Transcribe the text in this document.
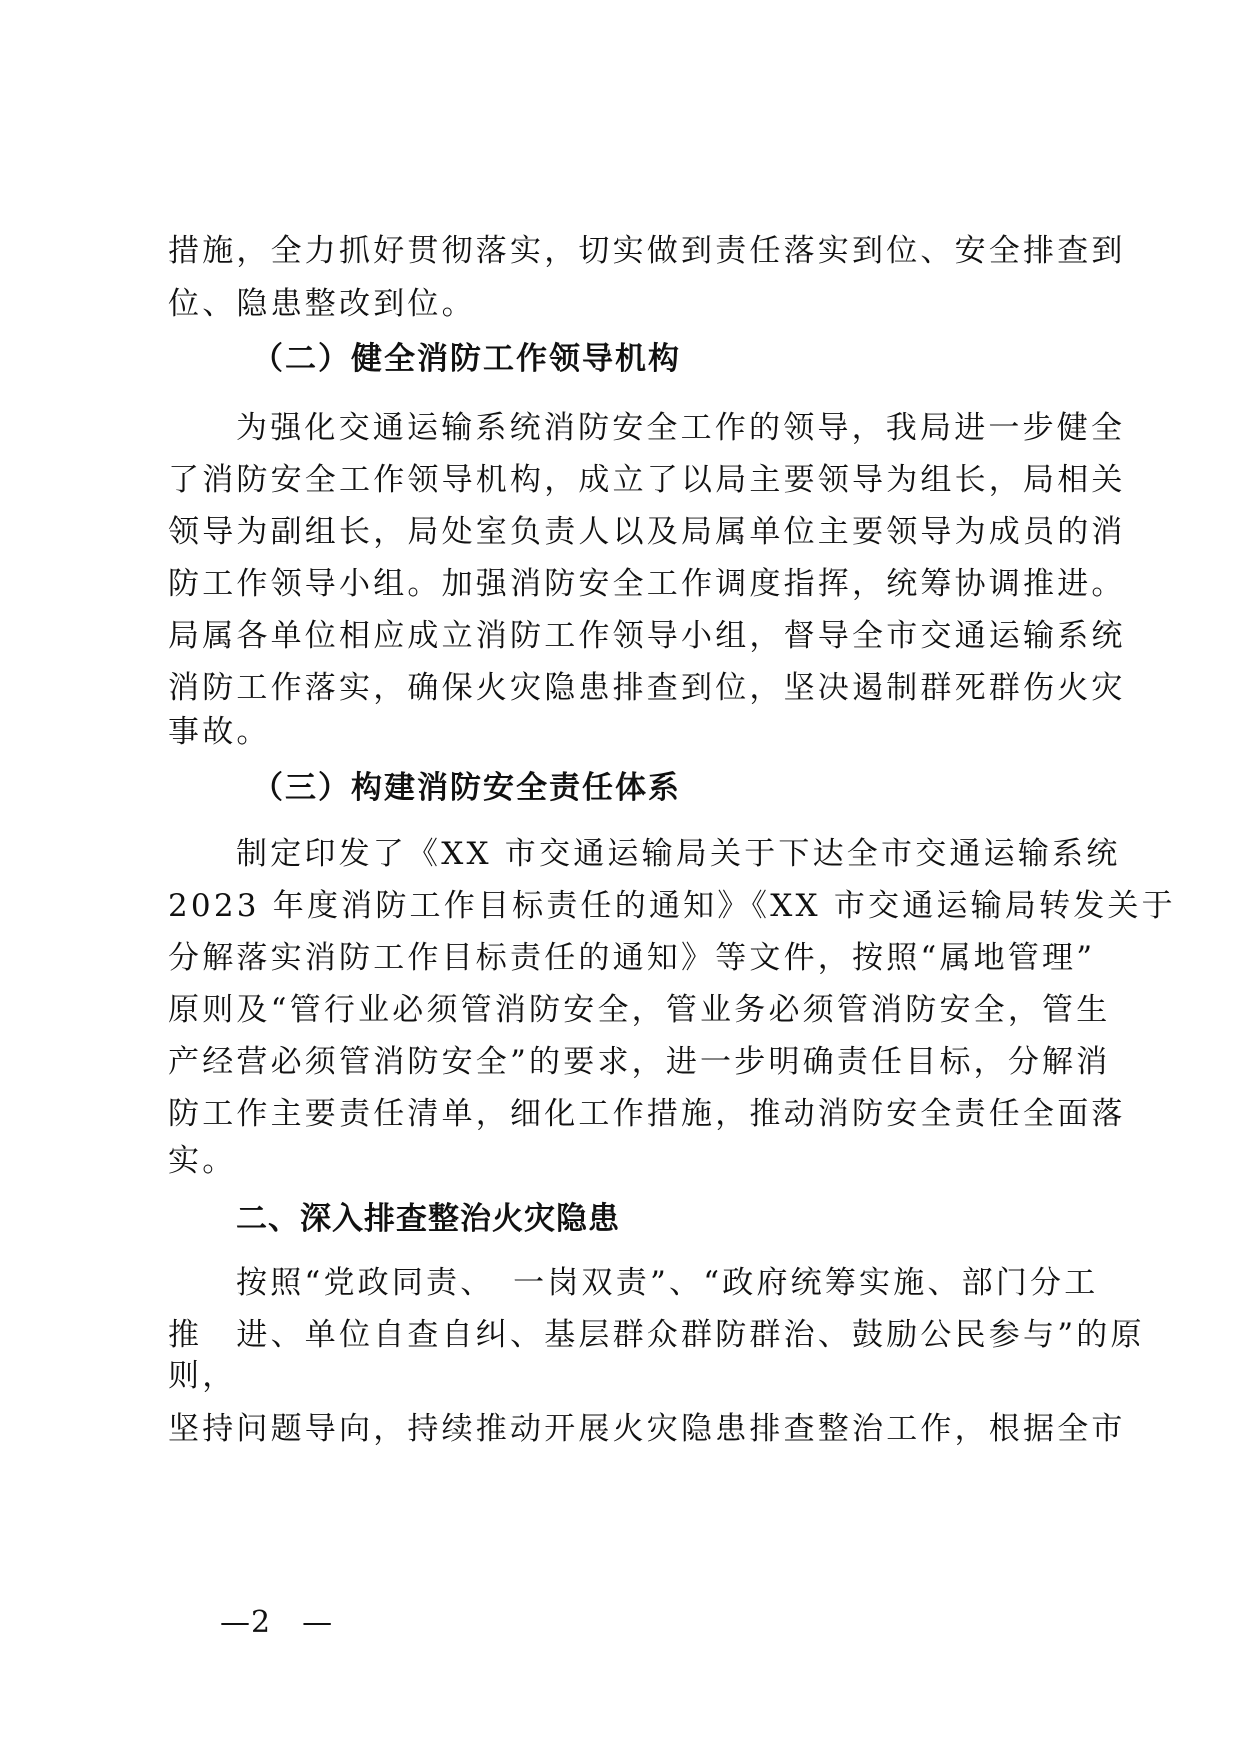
措施，全力抓好贯彻落实，切实做到责任落实到位、安全排查到

位、隐患整改到位。

（二）健全消防工作领导机构

为强化交通运输系统消防安全工作的领导，我局进一步健全

了消防安全工作领导机构，成立了以局主要领导为组长，局相关

领导为副组长，局处室负责人以及局属单位主要领导为成员的消

防工作领导小组。加强消防安全工作调度指挥，统筹协调推进。

局属各单位相应成立消防工作领导小组，督导全市交通运输系统

消防工作落实，确保火灾隐患排查到位，坚决遏制群死群伤火灾

事故。

（三）构建消防安全责任体系

制定印发了《XX 市交通运输局关于下达全市交通运输系统

2023 年度消防工作目标责任的通知》《XX 市交通运输局转发关于

分解落实消防工作目标责任的通知》等文件，按照“属地管理”

原则及“管行业必须管消防安全，管业务必须管消防安全，管生

产经营必须管消防安全”的要求，进一步明确责任目标，分解消

防工作主要责任清单，细化工作措施，推动消防安全责任全面落

实。

二、深入排查整治火灾隐患

按照“党政同责、　一岗双责”、“政府统筹实施、部门分工

推　进、单位自查自纠、基层群众群防群治、鼓励公民参与”的原

则，

坚持问题导向，持续推动开展火灾隐患排查整治工作，根据全市

—2　—
